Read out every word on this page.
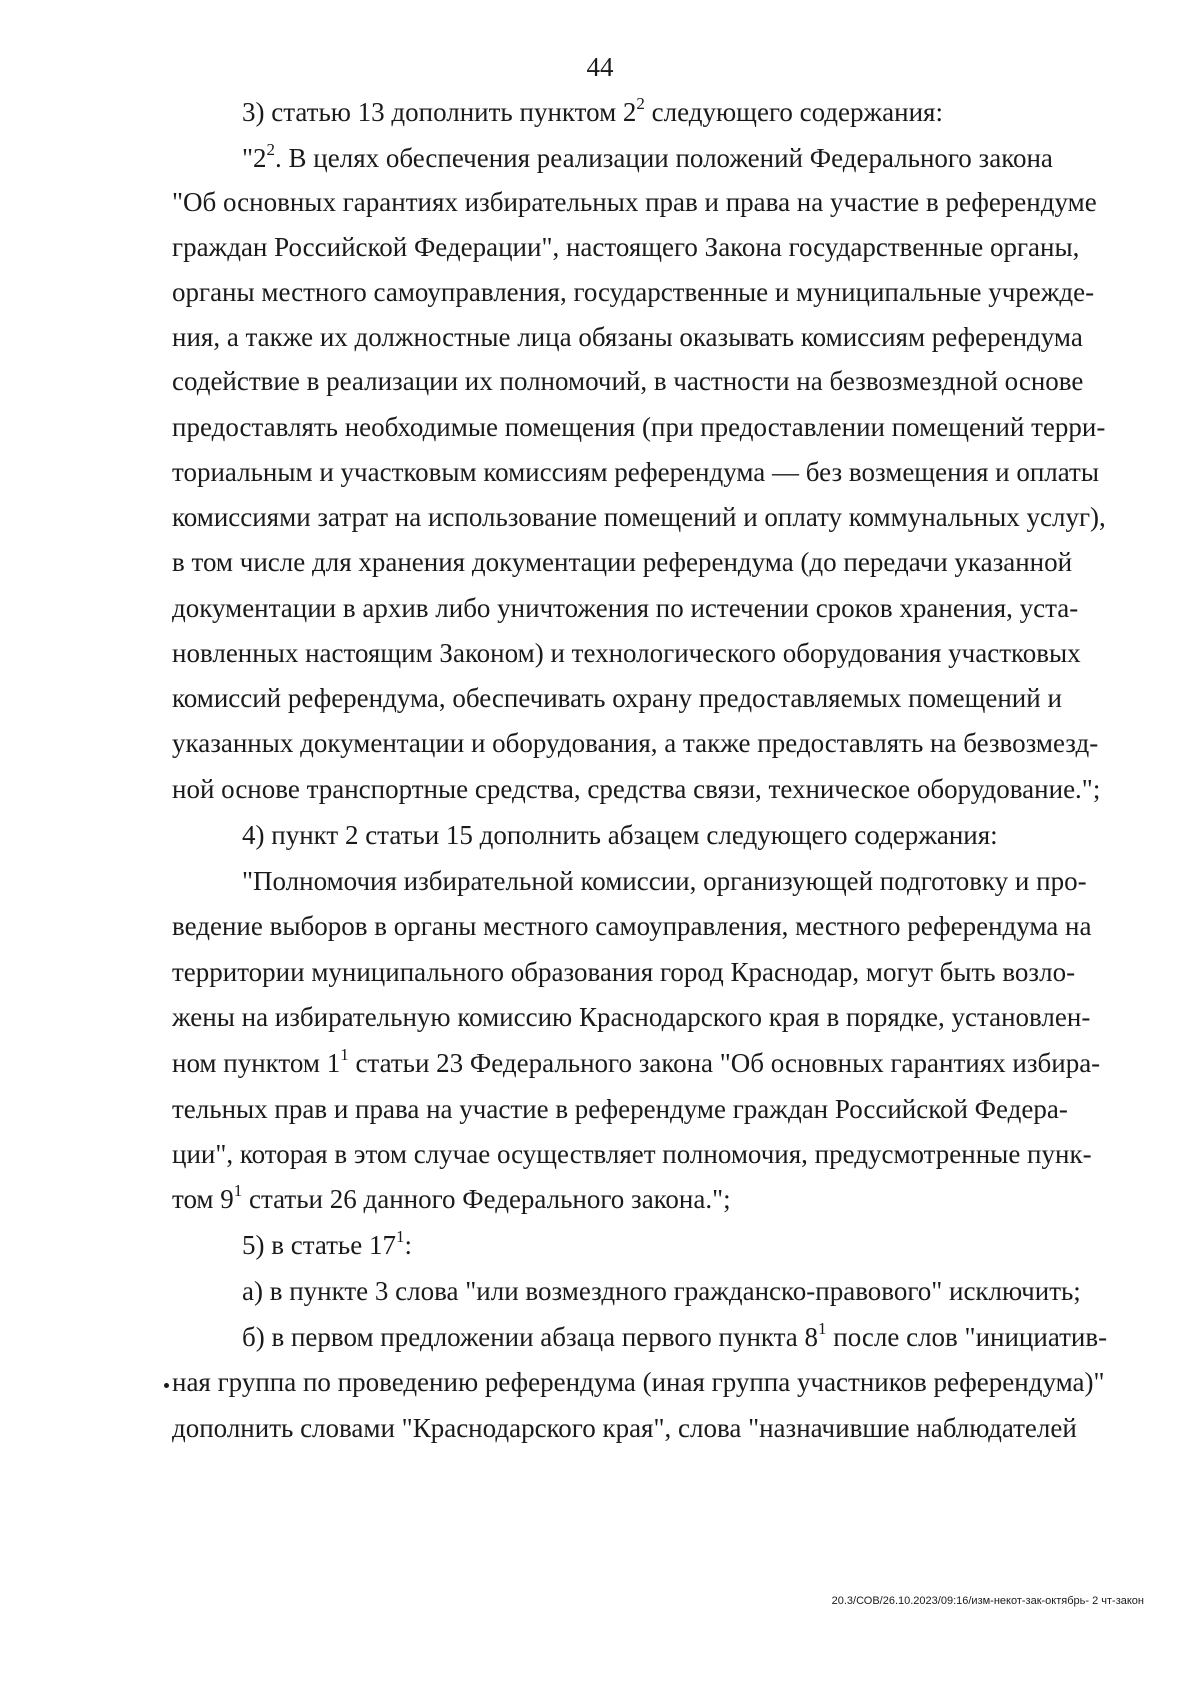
44
3) статью 13 дополнить пунктом $2^2$ следующего содержания:
"$2^2$. В целях обеспечения реализации положений Федерального закона
"Об основных гарантиях избирательных прав и права на участие в референдуме
граждан Российской Федерации", настоящего Закона государственные органы,
органы местного самоуправления, государственные и муниципальные учрежде-
ния, а также их должностные лица обязаны оказывать комиссиям референдума
содействие в реализации их полномочий, в частности на безвозмездной основе
предоставлять необходимые помещения (при предоставлении помещений терри-
ториальным и участковым комиссиям референдума — без возмещения и оплаты
комиссиями затрат на использование помещений и оплату коммунальных услуг),
в том числе для хранения документации референдума (до передачи указанной
документации в архив либо уничтожения по истечении сроков хранения, уста-
новленных настоящим Законом) и технологического оборудования участковых
комиссий референдума, обеспечивать охрану предоставляемых помещений и
указанных документации и оборудования, а также предоставлять на безвозмезд-
ной основе транспортные средства, средства связи, техническое оборудование.";
4) пункт 2 статьи 15 дополнить абзацем следующего содержания:
"Полномочия избирательной комиссии, организующей подготовку и про-
ведение выборов в органы местного самоуправления, местного референдума на
территории муниципального образования город Краснодар, могут быть возло-
жены на избирательную комиссию Краснодарского края в порядке, установлен-
ном пунктом $1^1$ статьи 23 Федерального закона "Об основных гарантиях избира-
тельных прав и права на участие в референдуме граждан Российской Федера-
ции", которая в этом случае осуществляет полномочия, предусмотренные пунк-
том $9^1$ статьи 26 данного Федерального закона.";
5) в статье $17^1$:
а) в пункте 3 слова "или возмездного гражданско-правового" исключить;
б) в первом предложении абзаца первого пункта $8^1$ после слов "инициатив-
ная группа по проведению референдума (иная группа участников референдума)"
дополнить словами "Краснодарского края", слова "назначившие наблюдателей
20.3/СОВ/26.10.2023/09:16/изм-некот-зак-октябрь- 2 чт-закон
